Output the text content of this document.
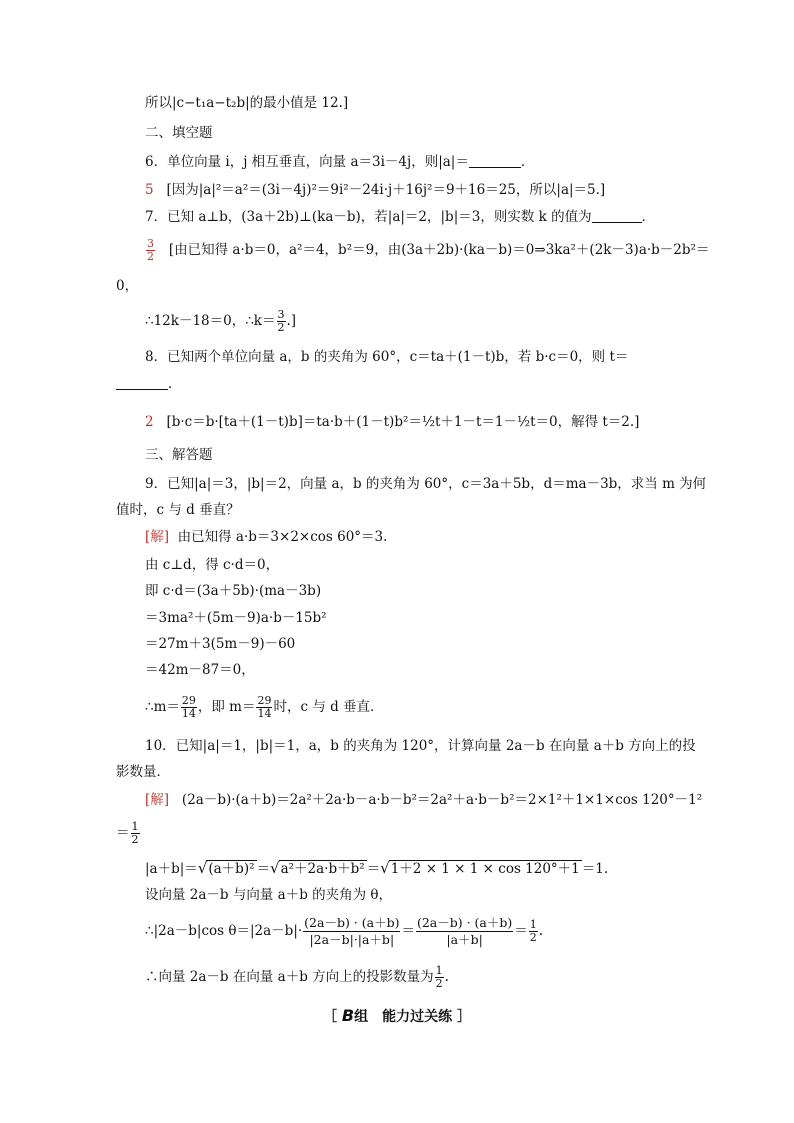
所以|c−t₁a−t₂b|的最小值是 12.]
二、填空题
6．单位向量 i，j 相互垂直，向量 a＝3i－4j，则|a|＝	．
5 [因为|a|²＝a²＝(3i－4j)²＝9i²－24i·j＋16j²＝9＋16＝25，所以|a|＝5.]
7．已知 a⊥b，(3a＋2b)⊥(ka－b)，若|a|＝2，|b|＝3，则实数 k 的值为	．
$\frac{3}{2}$ [由已知得 a·b＝0，a²＝4，b²＝9，由(3a＋2b)·(ka－b)＝0⇒3ka²＋(2k－3)a·b－2b²＝
0，
∴12k－18＝0，∴k＝ $\frac{3}{2}$ .]
8．已知两个单位向量 a，b 的夹角为 60°，c＝ta＋(1－t)b，若 b·c＝0，则 t＝
．
2 [b·c＝b·[ta＋(1－t)b]＝ta·b＋(1－t)b²＝½t＋1－t＝1－½t＝0，解得 t＝2.]
三、解答题
9．已知|a|＝3，|b|＝2，向量 a，b 的夹角为 60°，c＝3a＋5b，d＝ma－3b，求当 m 为何
值时，c 与 d 垂直？
[解] 由已知得 a·b＝3×2×cos 60°＝3.
由 c⊥d，得 c·d＝0，
即 c·d＝(3a＋5b)·(ma－3b)
＝3ma²＋(5m－9)a·b－15b²
＝27m＋3(5m－9)－60
＝42m－87＝0，
∴m＝ $\frac{29}{14}$ ，即 $m= \frac{29}{14}$ 时，c 与 d 垂直．
10．已知|a|＝1，|b|＝1，a，b 的夹角为 120°，计算向量 2a－b 在向量 a＋b 方向上的投
影数量．
[解] (2a－b)·(a＋b)＝2a²＋2a·b－a·b－b²＝2a²＋a·b－b²＝2×1²＋1×1×cos 120°－1²
＝ $\frac{1}{2}$
|a＋b|＝√(a＋b)² ＝√a²＋2a·b＋b² ＝√1＋2 × 1 × 1 × cos 120°＋1 ＝1.
设向量 2a－b 与向量 a＋b 的夹角为 θ，
∴|2a－b|cos $\theta=|2a-b|\cdot \frac{(2a-b) \cdot (a+b)}{|2a-b|\cdot|a+b|} = \frac{(2a-b) \cdot (a+b)}{|a+b|} = \frac{1}{2}$ .
∴向量 2a－b 在向量 a＋b 方向上的投影数量为 $\frac{1}{2}$ .
［ B组　能力过关练 ］
